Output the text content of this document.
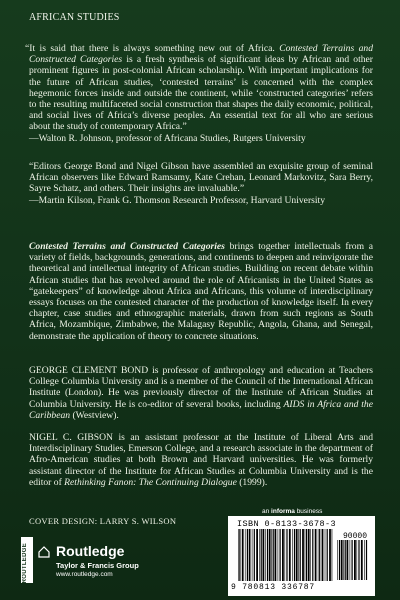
AFRICAN STUDIES

“It is said that there is always something new out of Africa. Contested Terrains and Constructed Categories is a fresh synthesis of significant ideas by African and other prominent figures in post-colonial African scholarship. With important implications for the future of African studies, ‘contested terrains’ is concerned with the complex hegemonic forces inside and outside the continent, while ‘constructed categories’ refers to the resulting multifaceted social construction that shapes the daily economic, political, and social lives of Africa’s diverse peoples. An essential text for all who are serious about the study of contemporary Africa.”

—Walton R. Johnson, professor of Africana Studies, Rutgers University

“Editors George Bond and Nigel Gibson have assembled an exquisite group of seminal African observers like Edward Ramsamy, Kate Crehan, Leonard Markovitz, Sara Berry, Sayre Schatz, and others. Their insights are invaluable.”

—Martin Kilson, Frank G. Thomson Research Professor, Harvard University

Contested Terrains and Constructed Categories brings together intellectuals from a variety of fields, backgrounds, generations, and continents to deepen and reinvigorate the theoretical and intellectual integrity of African studies. Building on recent debate within African studies that has revolved around the role of Africanists in the United States as “gatekeepers” of knowledge about Africa and Africans, this volume of interdisciplinary essays focuses on the contested character of the production of knowledge itself. In every chapter, case studies and ethnographic materials, drawn from such regions as South Africa, Mozambique, Zimbabwe, the Malagasy Republic, Angola, Ghana, and Senegal, demonstrate the application of theory to concrete situations.

GEORGE CLEMENT BOND is professor of anthropology and education at Teachers College Columbia University and is a member of the Council of the International African Institute (London). He was previously director of the Institute of African Studies at Columbia University. He is co-editor of several books, including AIDS in Africa and the Caribbean (Westview).

NIGEL C. GIBSON is an assistant professor at the Institute of Liberal Arts and Interdisciplinary Studies, Emerson College, and a research associate in the department of Afro-American studies at both Brown and Harvard universities. He was formerly assistant director of the Institute for African Studies at Columbia University and is the editor of Rethinking Fanon: The Continuing Dialogue (1999).

COVER DESIGN: LARRY S. WILSON
an informa business
ROUTLEDGE Routledge
Taylor & Francis Group
www.routledge.com
ISBN 0-8133-3678-3
90000
9 780813 336787
